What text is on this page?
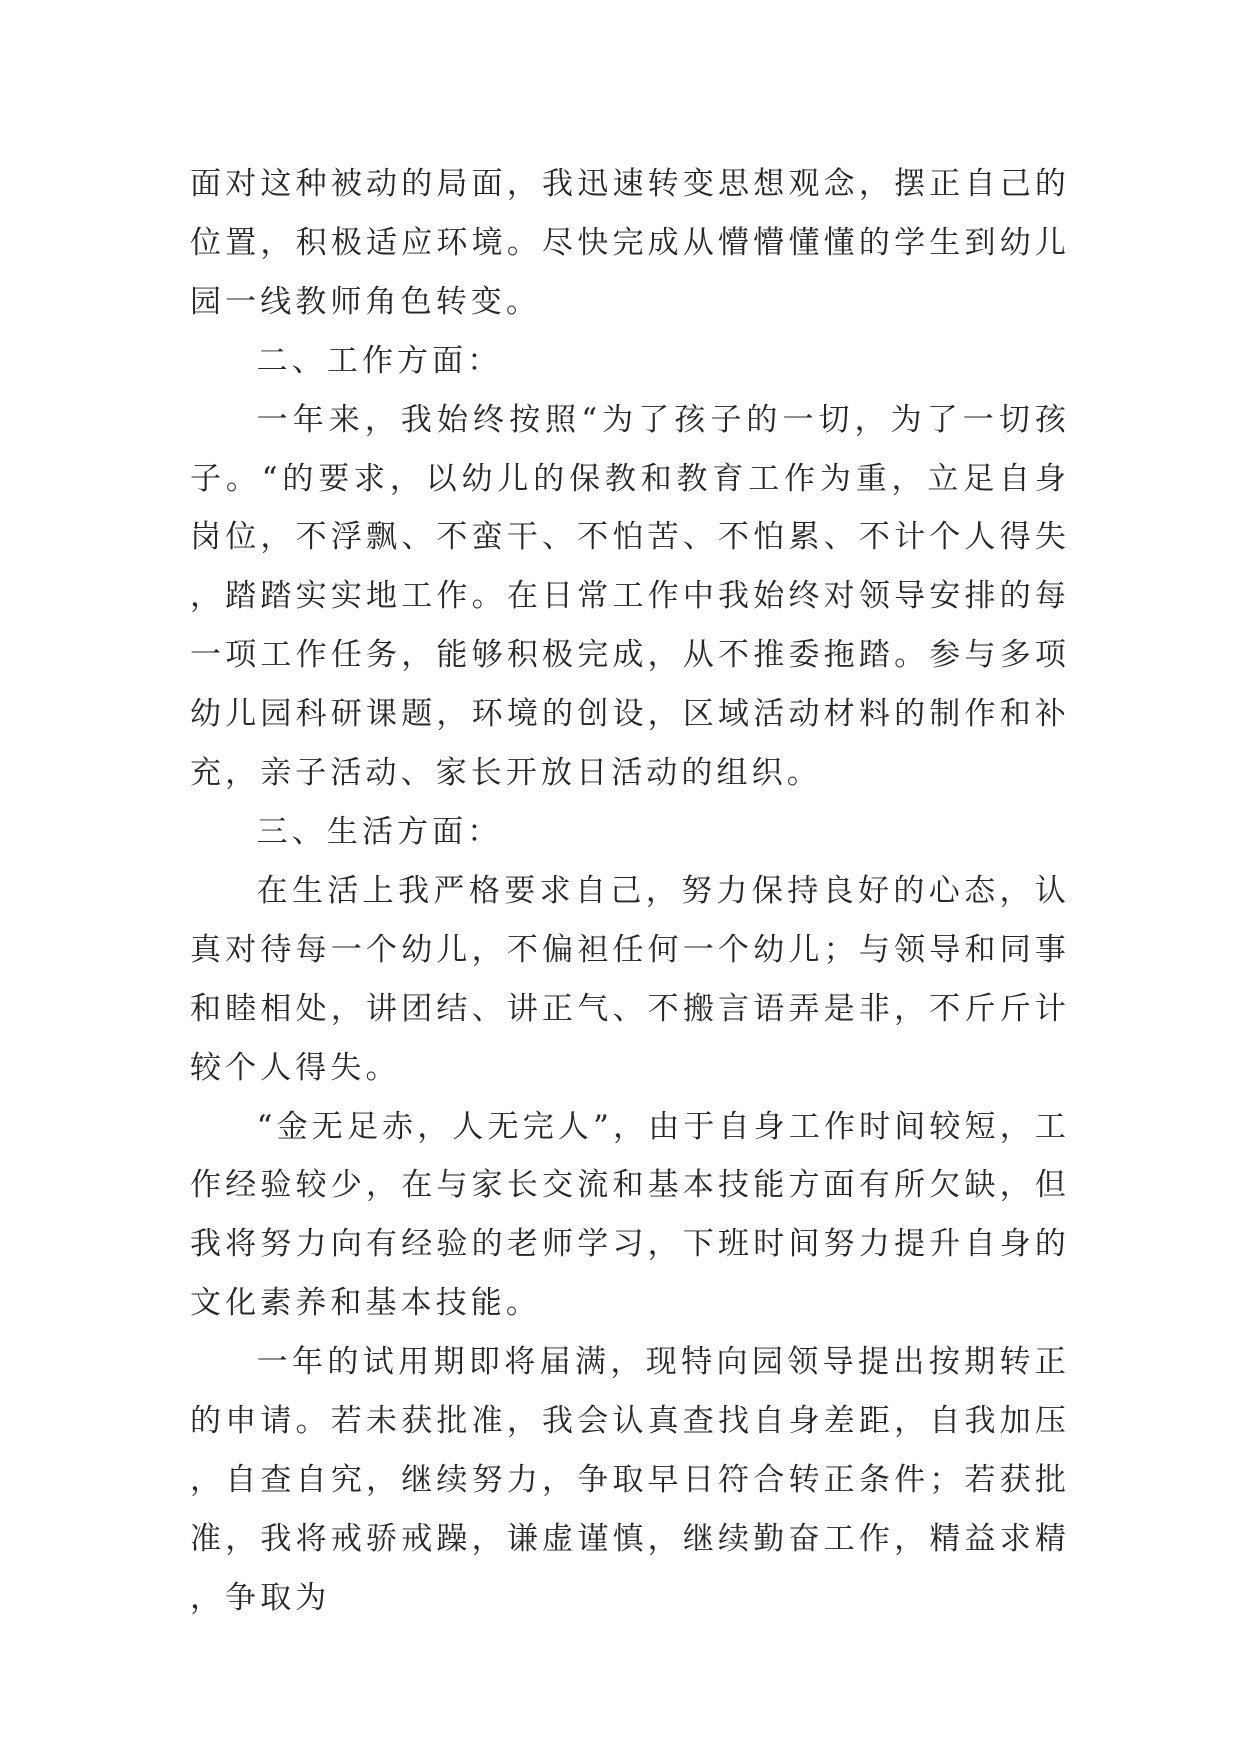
面对这种被动的局面，我迅速转变思想观念，摆正自己的位置，积极适应环境。尽快完成从懵懵懂懂的学生到幼儿园一线教师角色转变。

二、工作方面：

一年来，我始终按照“为了孩子的一切，为了一切孩子。“的要求，以幼儿的保教和教育工作为重，立足自身岗位，不浮飘、不蛮干、不怕苦、不怕累、不计个人得失，踏踏实实地工作。在日常工作中我始终对领导安排的每一项工作任务，能够积极完成，从不推委拖踏。参与多项幼儿园科研课题，环境的创设，区域活动材料的制作和补充，亲子活动、家长开放日活动的组织。

三、生活方面：

在生活上我严格要求自己，努力保持良好的心态，认真对待每一个幼儿，不偏袒任何一个幼儿；与领导和同事和睦相处，讲团结、讲正气、不搬言语弄是非，不斤斤计较个人得失。

“金无足赤，人无完人”，由于自身工作时间较短，工作经验较少，在与家长交流和基本技能方面有所欠缺，但我将努力向有经验的老师学习，下班时间努力提升自身的文化素养和基本技能。

一年的试用期即将届满，现特向园领导提出按期转正的申请。若未获批准，我会认真查找自身差距，自我加压，自查自究，继续努力，争取早日符合转正条件；若获批准，我将戒骄戒躁，谦虚谨慎，继续勤奋工作，精益求精，争取为
